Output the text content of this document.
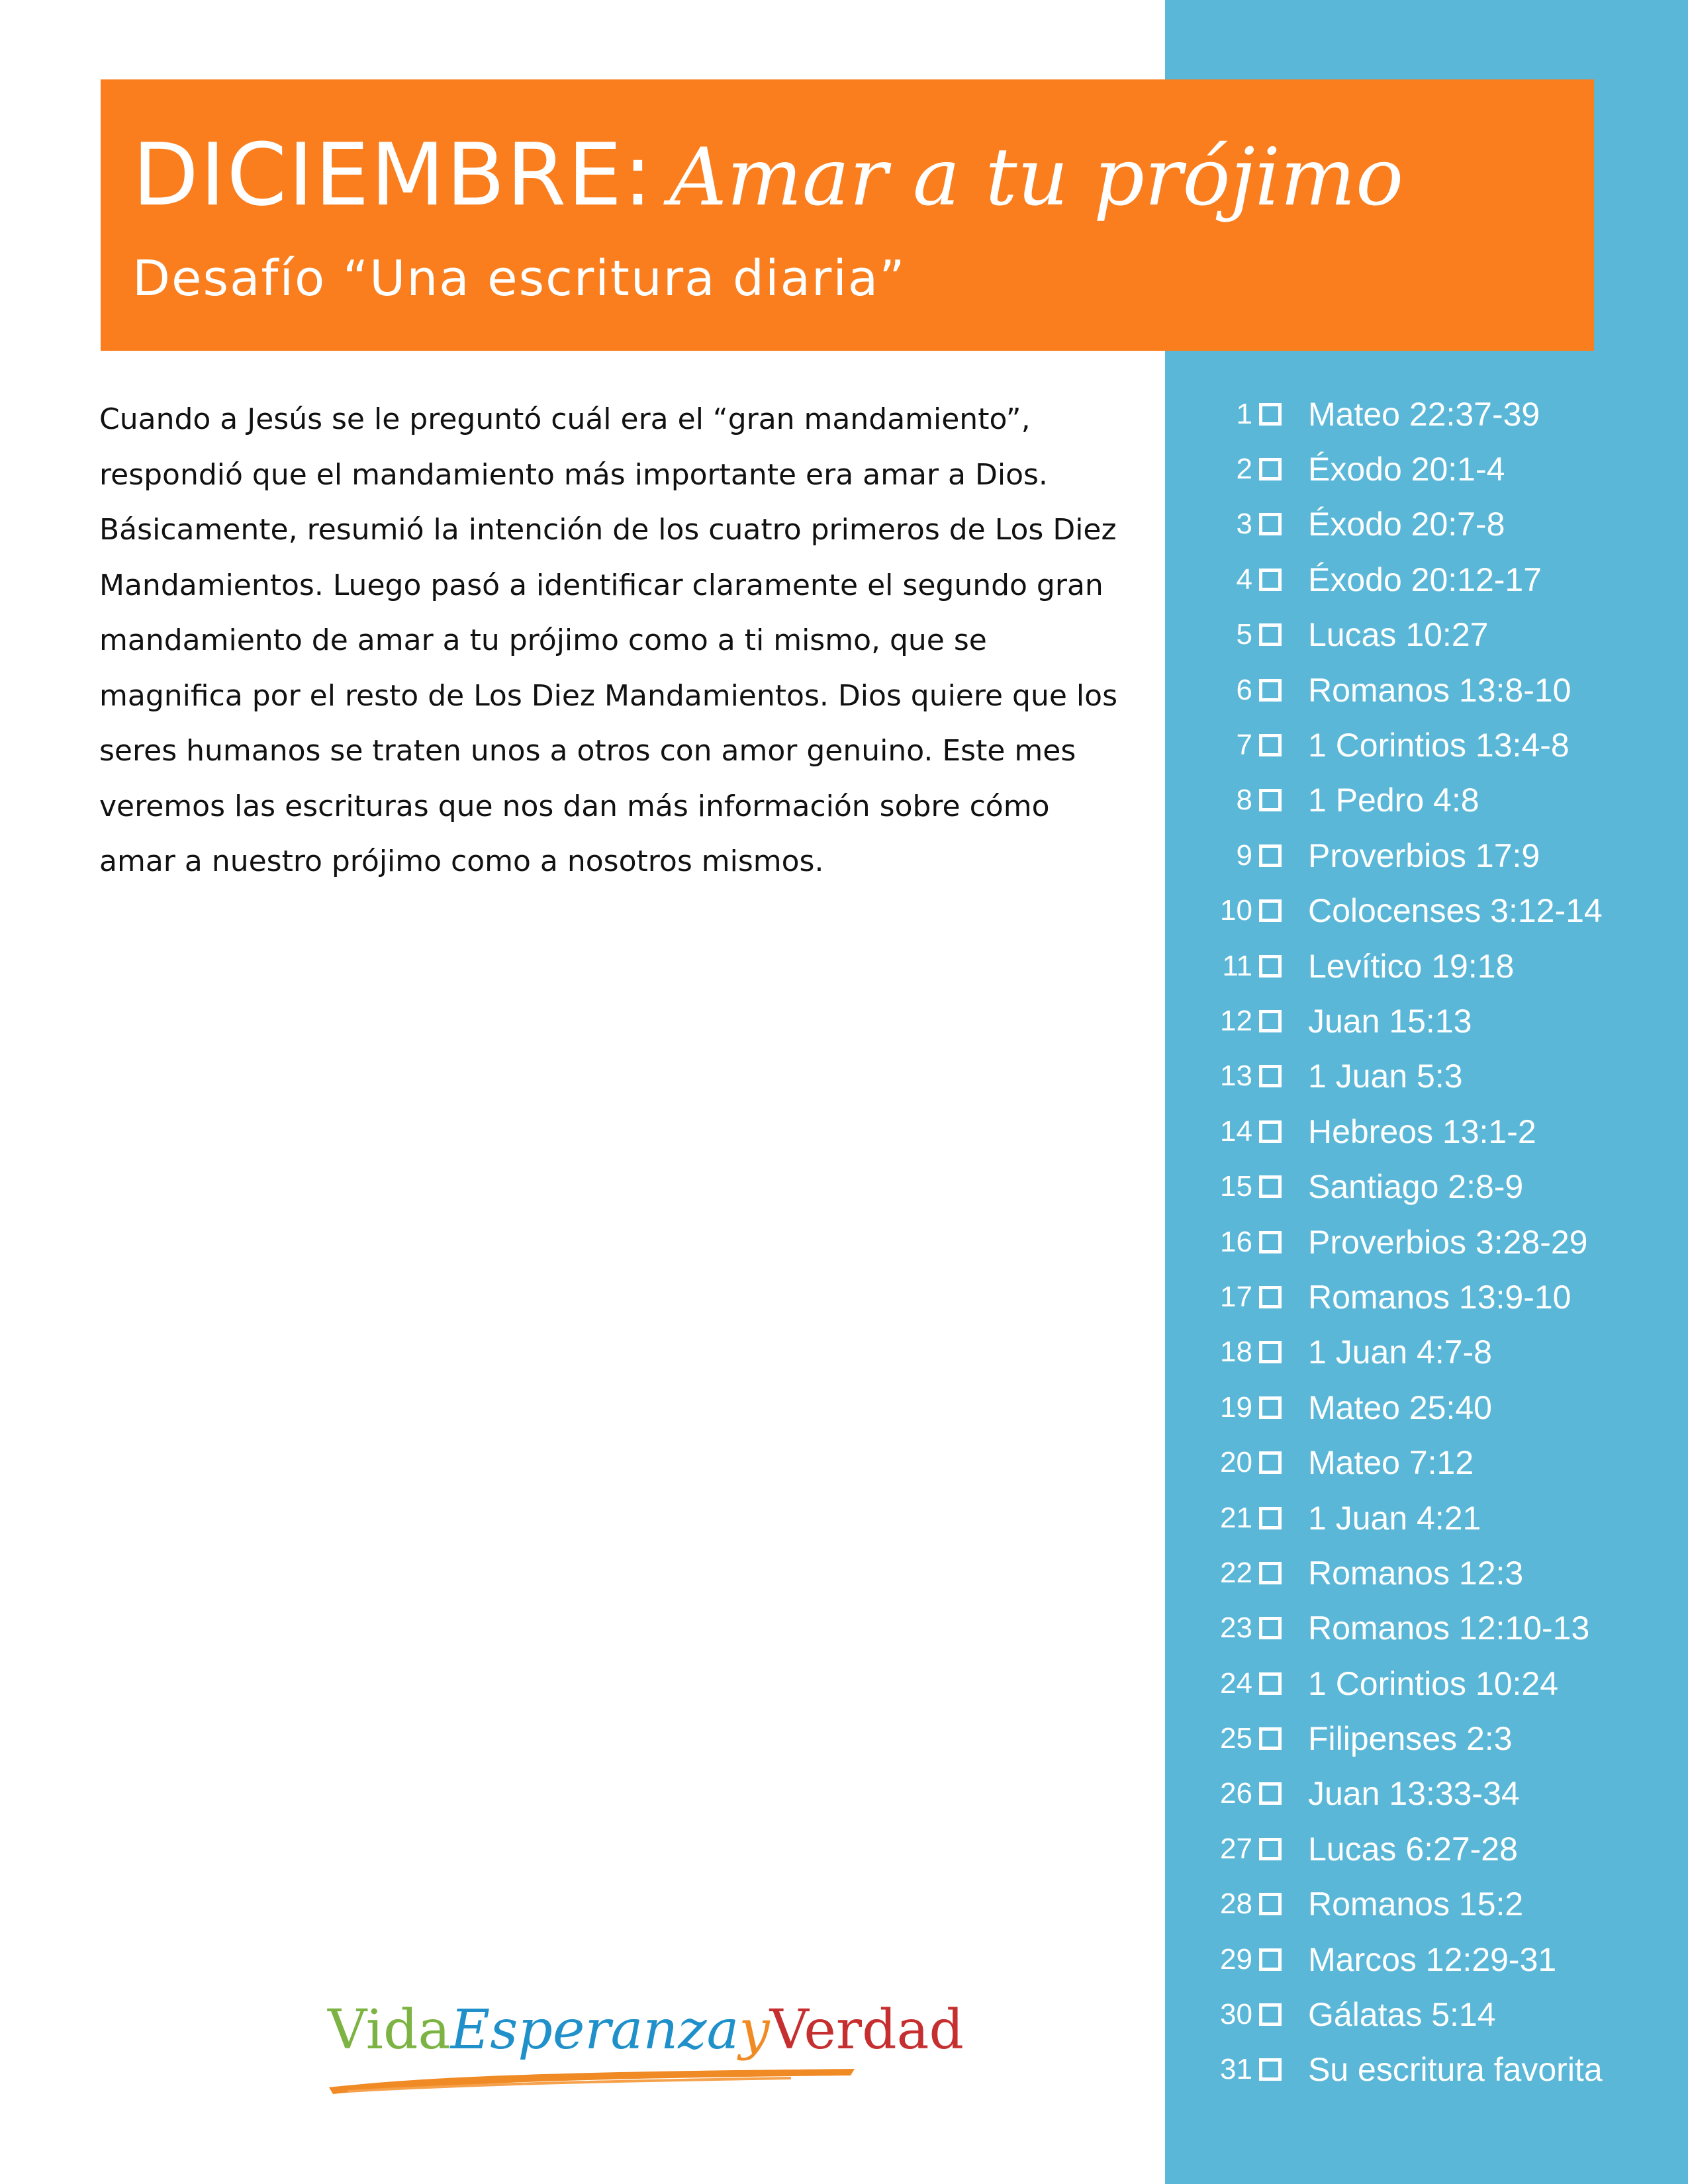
DICIEMBRE: Amar a tu prójimo
Desafío “Una escritura diaria”

Cuando a Jesús se le preguntó cuál era el “gran mandamiento”, respondió que el mandamiento más importante era amar a Dios. Básicamente, resumió la intención de los cuatro primeros de Los Diez Mandamientos. Luego pasó a identificar claramente el segundo gran mandamiento de amar a tu prójimo como a ti mismo, que se magnifica por el resto de Los Diez Mandamientos. Dios quiere que los seres humanos se traten unos a otros con amor genuino. Este mes veremos las escrituras que nos dan más información sobre cómo amar a nuestro prójimo como a nosotros mismos.

1 Mateo 22:37-39
2 Éxodo 20:1-4
3 Éxodo 20:7-8
4 Éxodo 20:12-17
5 Lucas 10:27
6 Romanos 13:8-10
7 1 Corintios 13:4-8
8 1 Pedro 4:8
9 Proverbios 17:9
10 Colocenses 3:12-14
11 Levítico 19:18
12 Juan 15:13
13 1 Juan 5:3
14 Hebreos 13:1-2
15 Santiago 2:8-9
16 Proverbios 3:28-29
17 Romanos 13:9-10
18 1 Juan 4:7-8
19 Mateo 25:40
20 Mateo 7:12
21 1 Juan 4:21
22 Romanos 12:3
23 Romanos 12:10-13
24 1 Corintios 10:24
25 Filipenses 2:3
26 Juan 13:33-34
27 Lucas 6:27-28
28 Romanos 15:2
29 Marcos 12:29-31
30 Gálatas 5:14
31 Su escritura favorita
VidaEsperanzayVerdad
